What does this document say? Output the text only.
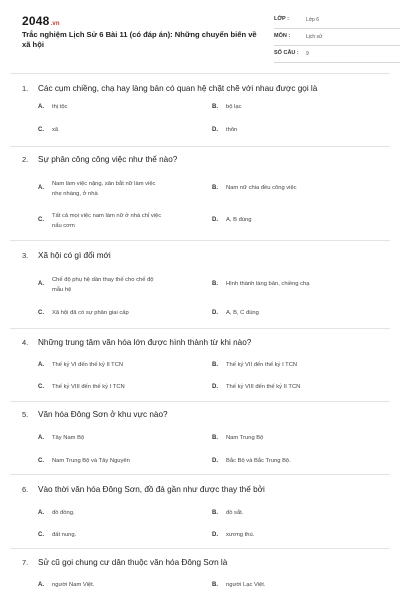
2048.vn
Trắc nghiệm Lịch Sử 6 Bài 11 (có đáp án): Những chuyển biến về xã hội
LỚP :	Lớp 6
MÔN :	Lịch sử
SỐ CÂU : 9
1. Các cụm chiềng, chạ hay làng bản có quan hệ chặt chẽ với nhau được gọi là
A. thị tộc	B. bộ lạc
C. xã	D. thôn
2. Sự phân công công việc như thế nào?
A.
Nam làm việc nặng, săn bắt nữ làm việc
nhẹ nhàng, ở nhà
B. Nam nữ chia đều công việc
C.
Tất cả mọi việc nam làm nữ ở nhà chỉ việc
nấu cơm
D. A, B đúng
3. Xã hội có gì đổi mới
A.
Chế độ phụ hệ dần thay thế cho chế độ
mẫu hệ
B. Hình thành làng bản, chiềng chạ
C. Xã hội đã có sự phân giai cấp	D. A, B, C đúng
4. Những trung tâm văn hóa lớn được hình thành từ khi nào?
A. Thế kỷ VI đến thế kỷ II TCN	B. Thế kỷ VII đến thế kỷ I TCN
C. Thế kỷ VIII đến thế kỷ I TCN	D. Thế kỷ VIII đến thế kỷ II TCN
5. Văn hóa Đông Sơn ở khu vực nào?
A. Tây Nam Bộ	B. Nam Trung Bộ
C. Nam Trung Bộ và Tây Nguyên	D. Bắc Bộ và Bắc Trung Bộ.
6. Vào thời văn hóa Đông Sơn, đồ đá gần như được thay thế bởi
A. đồ đồng.	B. đồ sắt.
C. đất nung.	D. xương thú.
7. Sử cũ gọi chung cư dân thuộc văn hóa Đông Sơn là
A. người Nam Việt.	B. người Lạc Việt.
